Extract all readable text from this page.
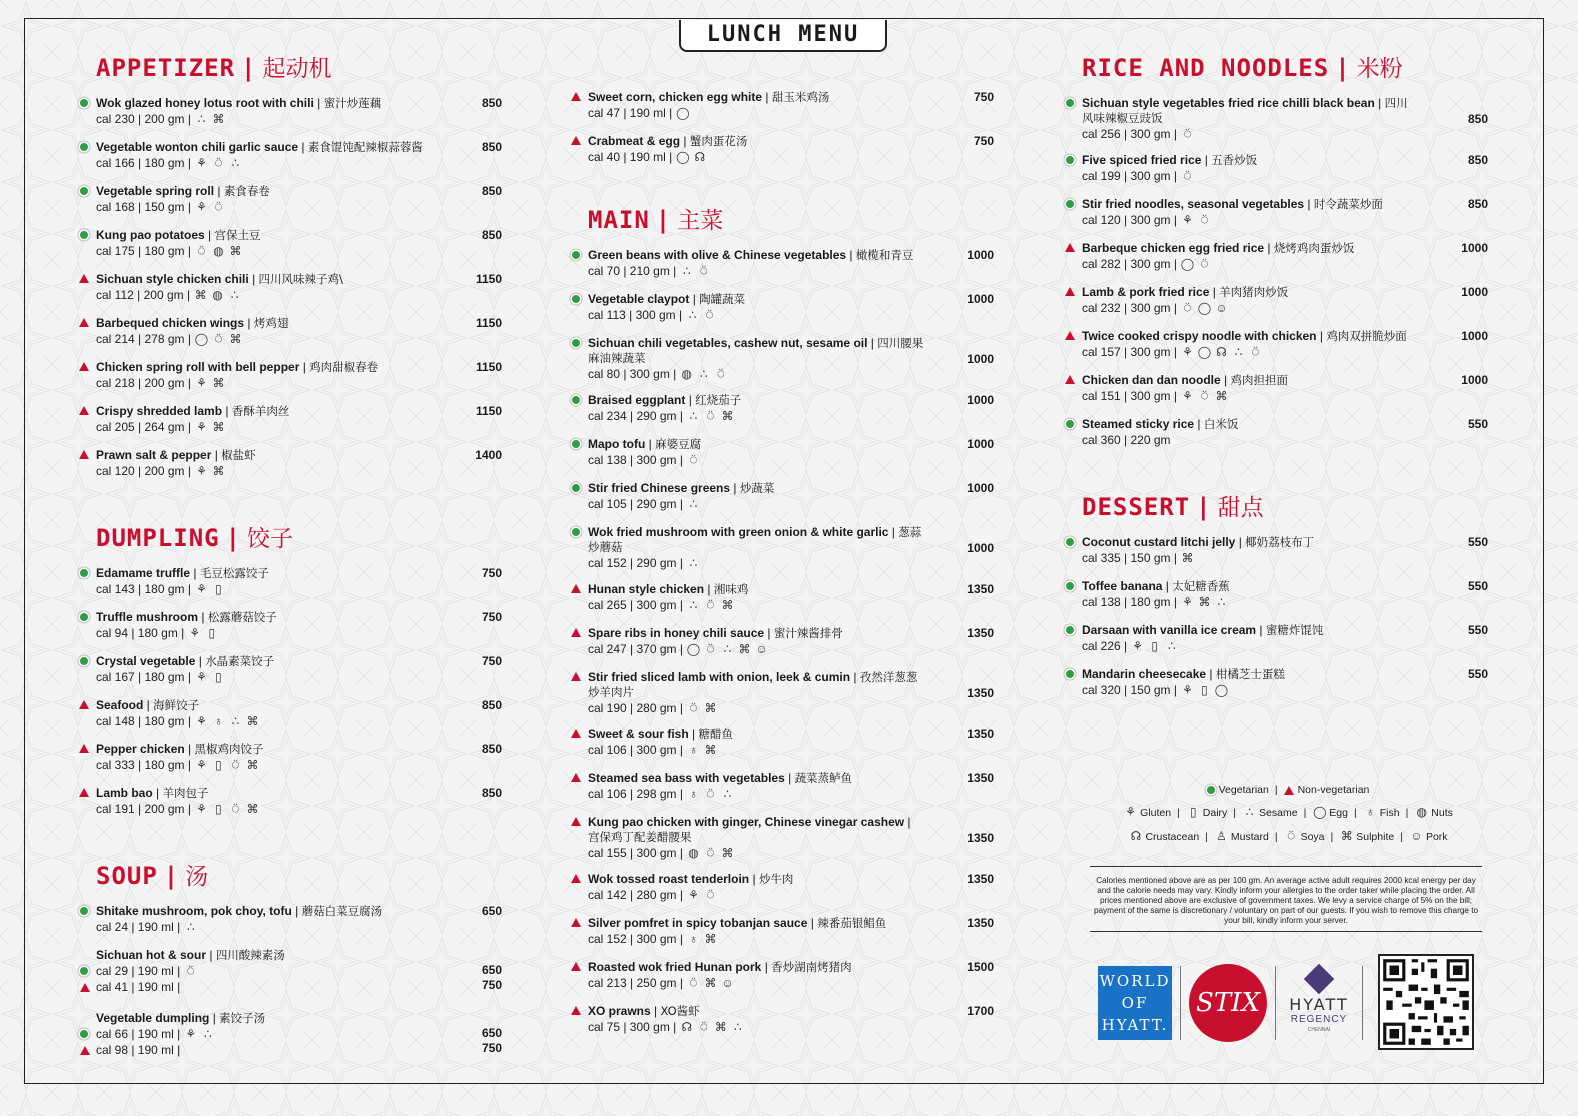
LUNCH MENU
APPETIZER | 起动机
Wok glazed honey lotus root with chili | 蜜汁炒莲藕
cal 230 | 200 gm | ∴ ⌘
850
Vegetable wonton chili garlic sauce | 素食馄饨配辣椒蒜蓉酱
cal 166 | 180 gm | ⚘ ⍥ ∴
850
Vegetable spring roll | 素食春卷
cal 168 | 150 gm | ⚘ ⍥
850
Kung pao potatoes | 宫保土豆
cal 175 | 180 gm | ⍥ ◍ ⌘
850
Sichuan style chicken chili | 四川风味辣子鸡\
cal 112 | 200 gm | ⌘ ◍ ∴
1150
Barbequed chicken wings | 烤鸡翅
cal 214 | 278 gm | ◯ ⍥ ⌘
1150
Chicken spring roll with bell pepper | 鸡肉甜椒春卷
cal 218 | 200 gm | ⚘ ⌘
1150
Crispy shredded lamb | 香酥羊肉丝
cal 205 | 264 gm | ⚘ ⌘
1150
Prawn salt & pepper | 椒盐虾
cal 120 | 200 gm | ⚘ ⌘
1400
DUMPLING | 饺子
Edamame truffle | 毛豆松露饺子
cal 143 | 180 gm | ⚘ ▯
750
Truffle mushroom | 松露蘑菇饺子
cal 94 | 180 gm | ⚘ ▯
750
Crystal vegetable | 水晶素菜饺子
cal 167 | 180 gm | ⚘ ▯
750
Seafood | 海鲜饺子
cal 148 | 180 gm | ⚘ ♁ ∴ ⌘
850
Pepper chicken | 黑椒鸡肉饺子
cal 333 | 180 gm | ⚘ ▯ ⍥ ⌘
850
Lamb bao | 羊肉包子
cal 191 | 200 gm | ⚘ ▯ ⍥ ⌘
850
SOUP | 汤
Shitake mushroom, pok choy, tofu | 蘑菇白菜豆腐汤
cal 24 | 190 ml | ∴
650
Sichuan hot & sour | 四川酸辣素汤
cal 29 | 190 ml | ⍥
cal 41 | 190 ml |
650
750
Vegetable dumpling | 素饺子汤
cal 66 | 190 ml | ⚘ ∴
cal 98 | 190 ml |
650
750
Sweet corn, chicken egg white | 甜玉米鸡汤
cal 47 | 190 ml | ◯
750
Crabmeat & egg | 蟹肉蛋花汤
cal 40 | 190 ml | ◯ ☊
750
MAIN | 主菜
Green beans with olive & Chinese vegetables | 橄榄和青豆
cal 70 | 210 gm | ∴ ⍥
1000
Vegetable claypot | 陶罐蔬菜
cal 113 | 300 gm | ∴ ⍥
1000
Sichuan chili vegetables, cashew nut, sesame oil | 四川腰果麻油辣蔬菜
cal 80 | 300 gm | ◍ ∴ ⍥
1000
Braised eggplant | 红烧茄子
cal 234 | 290 gm | ∴ ⍥ ⌘
1000
Mapo tofu | 麻婆豆腐
cal 138 | 300 gm | ⍥
1000
Stir fried Chinese greens | 炒蔬菜
cal 105 | 290 gm | ∴
1000
Wok fried mushroom with green onion & white garlic | 葱蒜炒蘑菇
cal 152 | 290 gm | ∴
1000
Hunan style chicken | 湘味鸡
cal 265 | 300 gm | ∴ ⍥ ⌘
1350
Spare ribs in honey chili sauce | 蜜汁辣酱排骨
cal 247 | 370 gm | ◯ ⍥ ∴ ⌘ ☺
1350
Stir fried sliced lamb with onion, leek & cumin | 孜然洋葱葱炒羊肉片
cal 190 | 280 gm | ⍥ ⌘
1350
Sweet & sour fish | 糖醋鱼
cal 106 | 300 gm | ♁ ⌘
1350
Steamed sea bass with vegetables | 蔬菜蒸鲈鱼
cal 106 | 298 gm | ♁ ⍥ ∴
1350
Kung pao chicken with ginger, Chinese vinegar cashew | 宫保鸡丁配姜醋腰果
cal 155 | 300 gm | ◍ ⍥ ⌘
1350
Wok tossed roast tenderloin | 炒牛肉
cal 142 | 280 gm | ⚘ ⍥
1350
Silver pomfret in spicy tobanjan sauce | 辣番茄银鲳鱼
cal 152 | 300 gm | ♁ ⌘
1350
Roasted wok fried Hunan pork | 香炒湖南烤猪肉
cal 213 | 250 gm | ⍥ ⌘ ☺
1500
XO prawns | XO酱虾
cal 75 | 300 gm | ☊ ⍥ ⌘ ∴
1700
RICE AND NOODLES | 米粉
Sichuan style vegetables fried rice chilli black bean | 四川风味辣椒豆豉饭
cal 256 | 300 gm | ⍥
850
Five spiced fried rice | 五香炒饭
cal 199 | 300 gm | ⍥
850
Stir fried noodles, seasonal vegetables | 时令蔬菜炒面
cal 120 | 300 gm | ⚘ ⍥
850
Barbeque chicken egg fried rice | 烧烤鸡肉蛋炒饭
cal 282 | 300 gm | ◯ ⍥
1000
Lamb & pork fried rice | 羊肉猪肉炒饭
cal 232 | 300 gm | ⍥ ◯ ☺
1000
Twice cooked crispy noodle with chicken | 鸡肉双拼脆炒面
cal 157 | 300 gm | ⚘ ◯ ☊ ∴ ⍥
1000
Chicken dan dan noodle | 鸡肉担担面
cal 151 | 300 gm | ⚘ ⍥ ⌘
1000
Steamed sticky rice | 白米饭
cal 360 | 220 gm
550
DESSERT | 甜点
Coconut custard litchi jelly | 椰奶荔枝布丁
cal 335 | 150 gm | ⌘
550
Toffee banana | 太妃糖香蕉
cal 138 | 180 gm | ⚘ ⌘ ∴
550
Darsaan with vanilla ice cream | 蜜糖炸馄饨
cal 226 | ⚘ ▯ ∴
550
Mandarin cheesecake | 柑橘芝士蛋糕
cal 320 | 150 gm | ⚘ ▯ ◯
550
Vegetarian | Non-vegetarian
⚘ Gluten | ▯ Dairy | ∴ Sesame | ◯ Egg | ♁ Fish | ◍ Nuts
☊ Crustacean | ♙ Mustard | ⍥ Soya | ⌘ Sulphite | ☺ Pork
Calories mentioned above are as per 100 gm. An average active adult requires 2000 kcal energy per day and the calorie needs may vary. Kindly inform your allergies to the order taker while placing the order. All prices mentioned above are exclusive of government taxes. We levy a service charge of 5% on the bill; payment of the same is discretionary / voluntary on part of our guests. If you wish to remove this charge to your bill, kindly inform your server.
WORLD
OF
HYATT.
STIX	HYATT
REGENCY
CHENNAI
